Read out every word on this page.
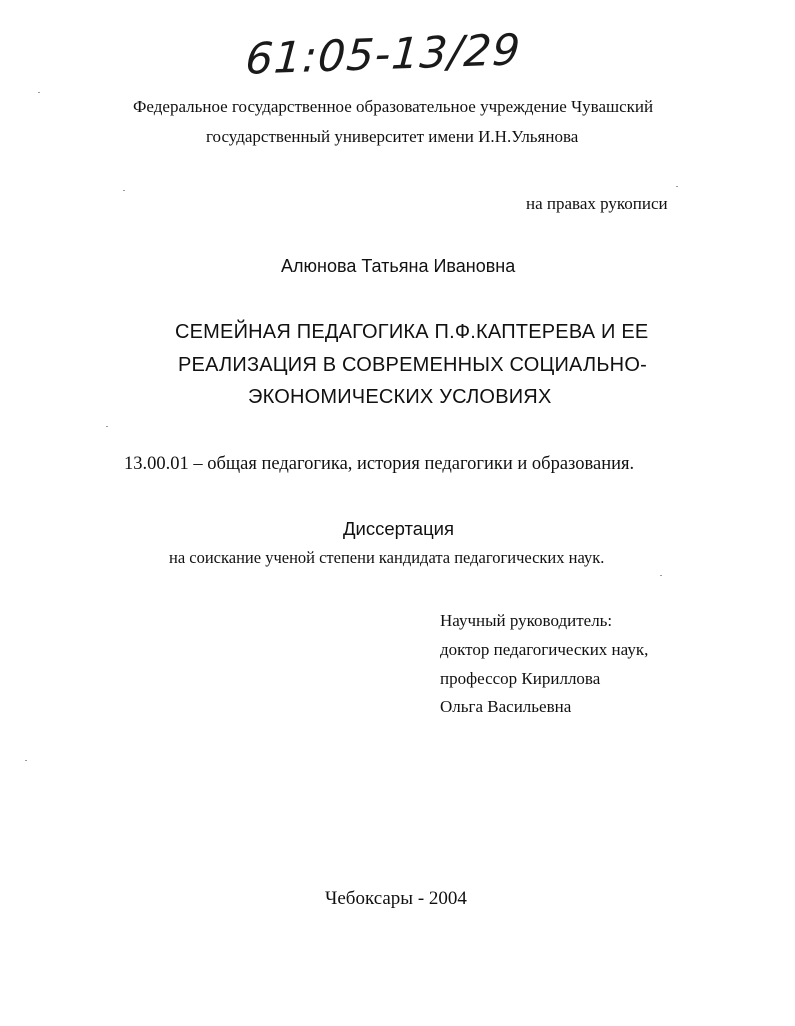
61:05-13/29
Федеральное государственное образовательное учреждение Чувашский
государственный университет имени И.Н.Ульянова
на правах рукописи
Алюнова Татьяна Ивановна
СЕМЕЙНАЯ ПЕДАГОГИКА П.Ф.КАПТЕРЕВА И ЕЕ
РЕАЛИЗАЦИЯ В СОВРЕМЕННЫХ СОЦИАЛЬНО-
ЭКОНОМИЧЕСКИХ УСЛОВИЯХ
13.00.01 – общая педагогика, история педагогики и образования.
Диссертация
на соискание ученой степени кандидата педагогических наук.
Научный руководитель:
доктор педагогических наук,
профессор Кириллова
Ольга Васильевна
Чебоксары - 2004
